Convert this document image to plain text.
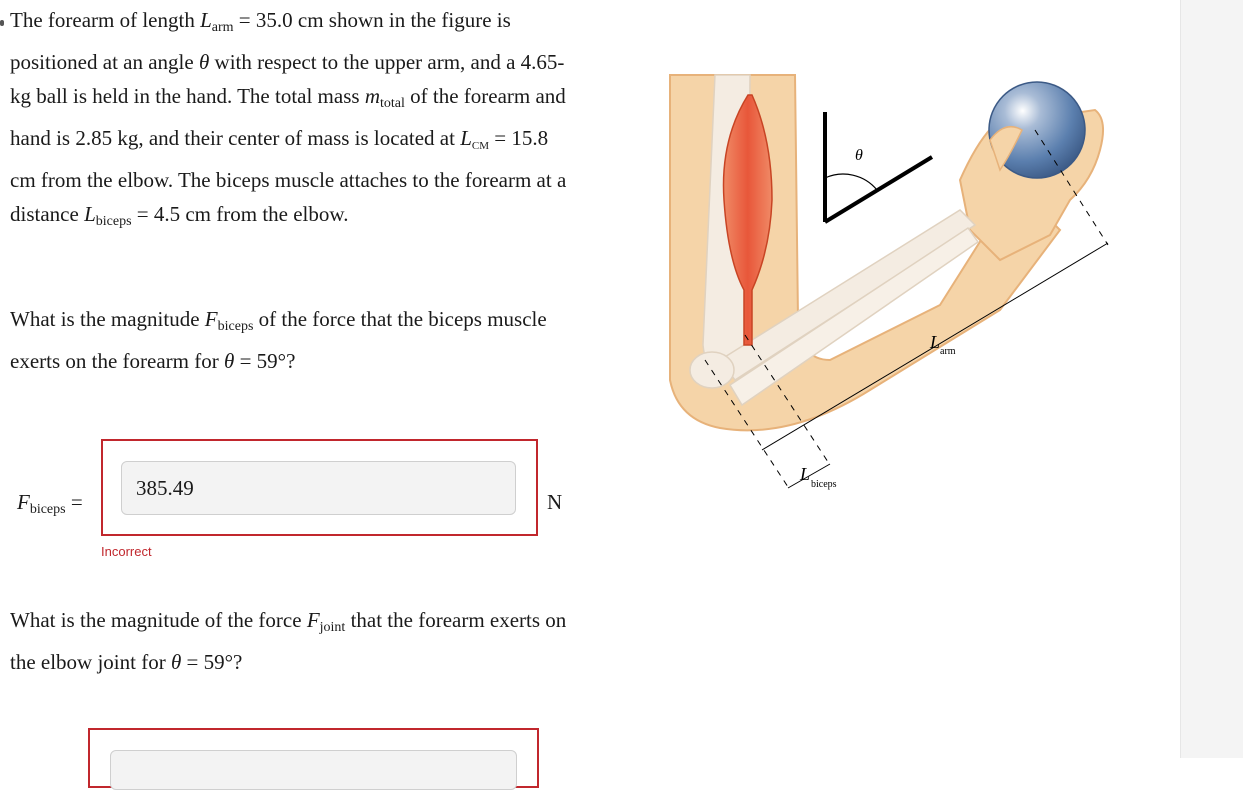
The forearm of length $L_{arm} = 35.0$ cm shown in the figure is positioned at an angle θ with respect to the upper arm, and a 4.65-kg ball is held in the hand. The total mass $m_{total}$ of the forearm and hand is 2.85 kg, and their center of mass is located at $L_{CM} = 15.8$ cm from the elbow. The biceps muscle attaches to the forearm at a distance $L_{biceps} = 4.5$ cm from the elbow.

What is the magnitude $F_{biceps}$ of the force that the biceps muscle exerts on the forearm for θ = 59°?

$F_{biceps}$ =
385.49
N
Incorrect

What is the magnitude of the force $F_{joint}$ that the forearm exerts on the elbow joint for θ = 59°?

θ
L arm
L
biceps
